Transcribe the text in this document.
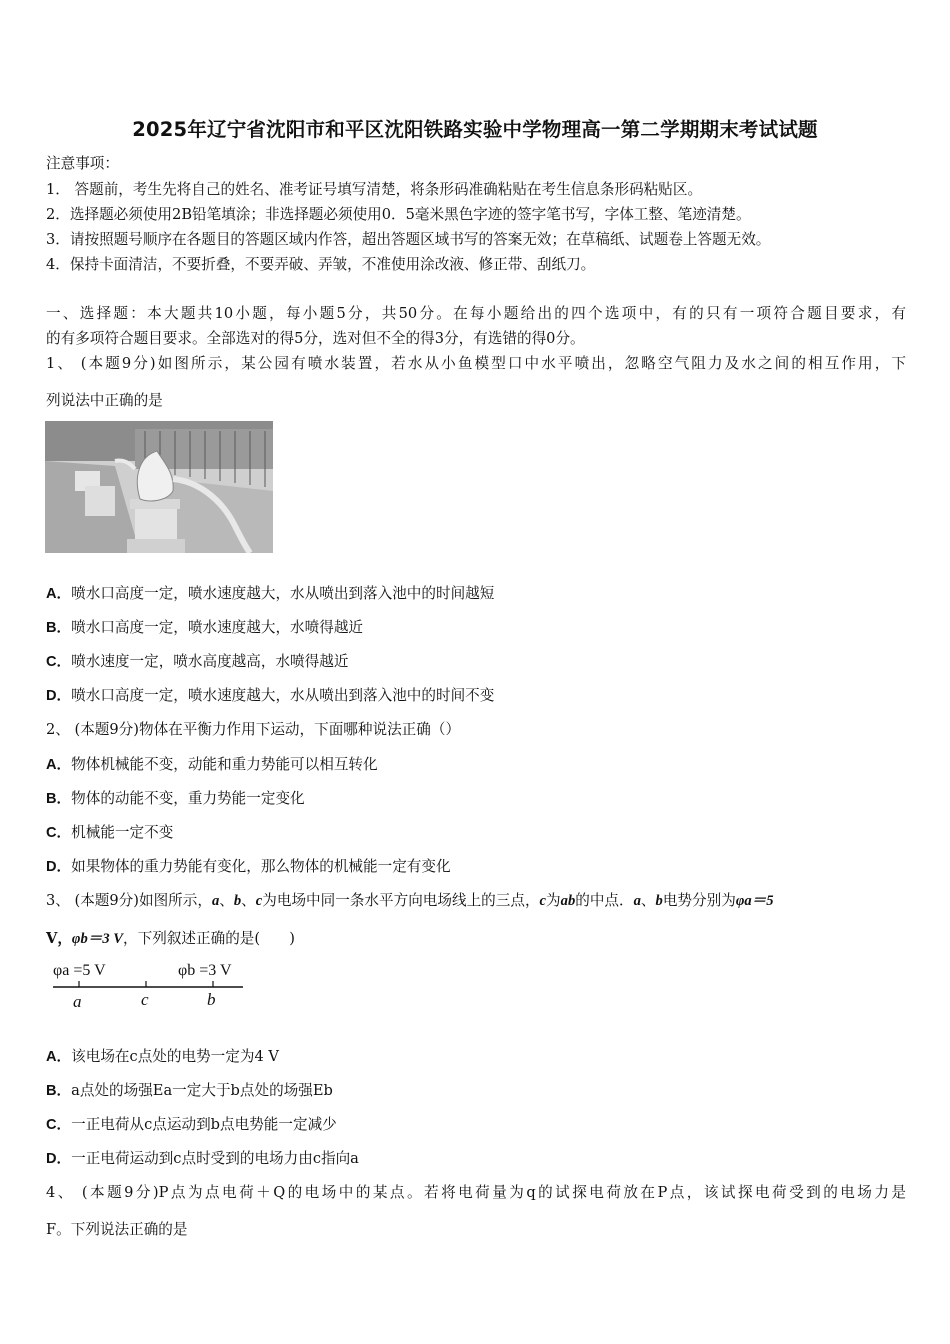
2025年辽宁省沈阳市和平区沈阳铁路实验中学物理高一第二学期期末考试试题
注意事项：
1． 答题前，考生先将自己的姓名、准考证号填写清楚，将条形码准确粘贴在考生信息条形码粘贴区。
2．选择题必须使用2B铅笔填涂；非选择题必须使用0．5毫米黑色字迹的签字笔书写，字体工整、笔迹清楚。
3．请按照题号顺序在各题目的答题区域内作答，超出答题区域书写的答案无效；在草稿纸、试题卷上答题无效。
4．保持卡面清洁，不要折叠，不要弄破、弄皱，不准使用涂改液、修正带、刮纸刀。
一、选择题：本大题共10小题，每小题5分，共50分。在每小题给出的四个选项中，有的只有一项符合题目要求，有
的有多项符合题目要求。全部选对的得5分，选对但不全的得3分，有选错的得0分。
1、 (本题9分)如图所示，某公园有喷水装置，若水从小鱼模型口中水平喷出，忽略空气阻力及水之间的相互作用，下
列说法中正确的是
A．喷水口高度一定，喷水速度越大，水从喷出到落入池中的时间越短
B．喷水口高度一定，喷水速度越大，水喷得越近
C．喷水速度一定，喷水高度越高，水喷得越近
D．喷水口高度一定，喷水速度越大，水从喷出到落入池中的时间不变
2、 (本题9分)物体在平衡力作用下运动，下面哪种说法正确（）
A．物体机械能不变，动能和重力势能可以相互转化
B．物体的动能不变，重力势能一定变化
C．机械能一定不变
D．如果物体的重力势能有变化，那么物体的机械能一定有变化
3、 (本题9分)如图所示，a、b、c为电场中同一条水平方向电场线上的三点，c为ab的中点．a、b电势分别为φa＝5
V，φb＝3 V，下列叙述正确的是(　　)
φa =5 V	φb =3 V
a	c	b
A．该电场在c点处的电势一定为4 V
B．a点处的场强Ea一定大于b点处的场强Eb
C．一正电荷从c点运动到b点电势能一定减少
D．一正电荷运动到c点时受到的电场力由c指向a
4、 (本题9分)P点为点电荷＋Q的电场中的某点。若将电荷量为q的试探电荷放在P点，该试探电荷受到的电场力是
F。下列说法正确的是
